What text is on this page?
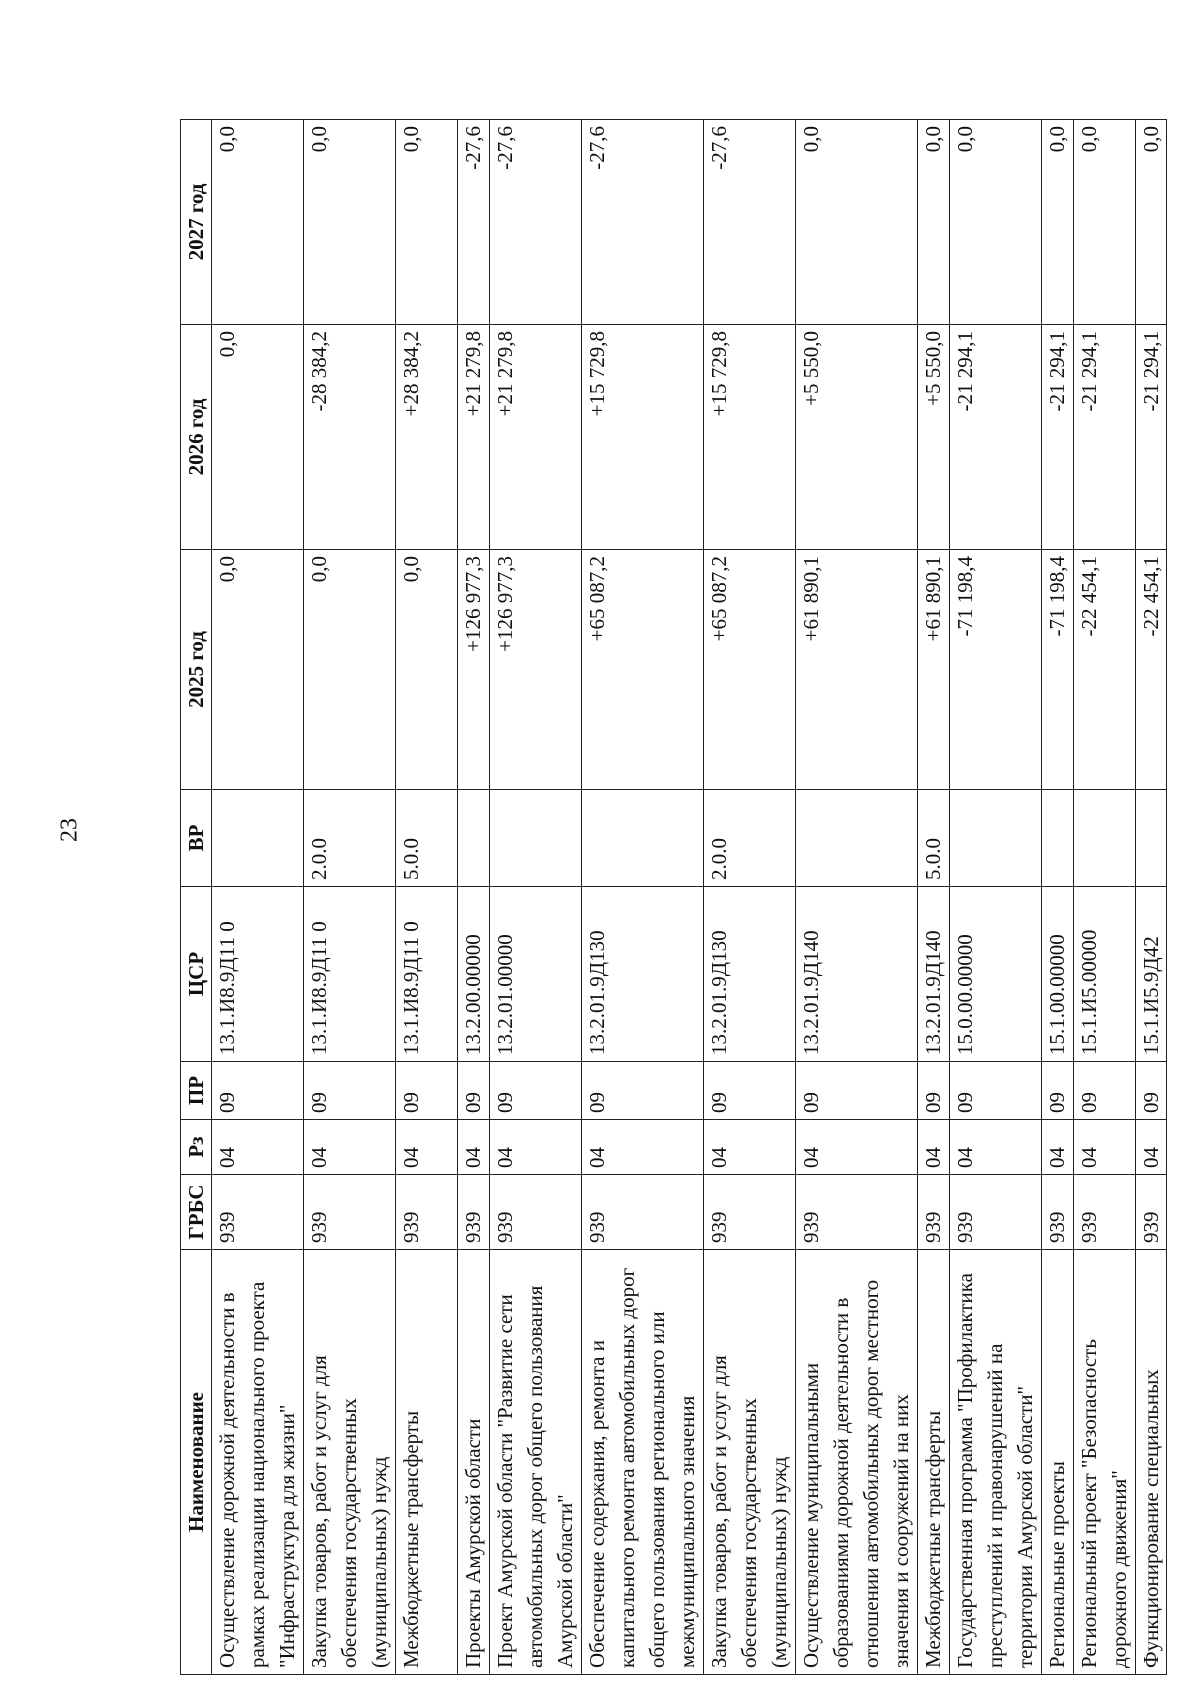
23
Наименование	ГРБС	Рз	ПР	ЦСР	ВР	2025 год	2026 год	2027 год
Осуществление дорожной деятельности в рамках реализации национального проекта "Инфраструктура для жизни"	939	04	09	13.1.И8.9Д11 0		0,0	0,0	0,0
Закупка товаров, работ и услуг для обеспечения государственных (муниципальных) нужд	939	04	09	13.1.И8.9Д11 0	2.0.0	0,0	-28 384,2	0,0
Межбюджетные трансферты	939	04	09	13.1.И8.9Д11 0	5.0.0	0,0	+28 384,2	0,0
Проекты Амурской области	939	04	09	13.2.00.00000		+126 977,3	+21 279,8	-27,6
Проект Амурской области "Развитие сети автомобильных дорог общего пользования Амурской области"	939	04	09	13.2.01.00000		+126 977,3	+21 279,8	-27,6
Обеспечение содержания, ремонта и капитального ремонта автомобильных дорог общего пользования регионального или межмуниципального значения	939	04	09	13.2.01.9Д130		+65 087,2	+15 729,8	-27,6
Закупка товаров, работ и услуг для обеспечения государственных (муниципальных) нужд	939	04	09	13.2.01.9Д130	2.0.0	+65 087,2	+15 729,8	-27,6
Осуществление муниципальными образованиями дорожной деятельности в отношении автомобильных дорог местного значения и сооружений на них	939	04	09	13.2.01.9Д140		+61 890,1	+5 550,0	0,0
Межбюджетные трансферты	939	04	09	13.2.01.9Д140	5.0.0	+61 890,1	+5 550,0	0,0
Государственная программа "Профилактика преступлений и правонарушений на территории Амурской области"	939	04	09	15.0.00.00000		-71 198,4	-21 294,1	0,0
Региональные проекты	939	04	09	15.1.00.00000		-71 198,4	-21 294,1	0,0
Региональный проект "Безопасность дорожного движения"	939	04	09	15.1.И5.00000		-22 454,1	-21 294,1	0,0
Функционирование специальных	939	04	09	15.1.И5.9Д42		-22 454,1	-21 294,1	0,0
